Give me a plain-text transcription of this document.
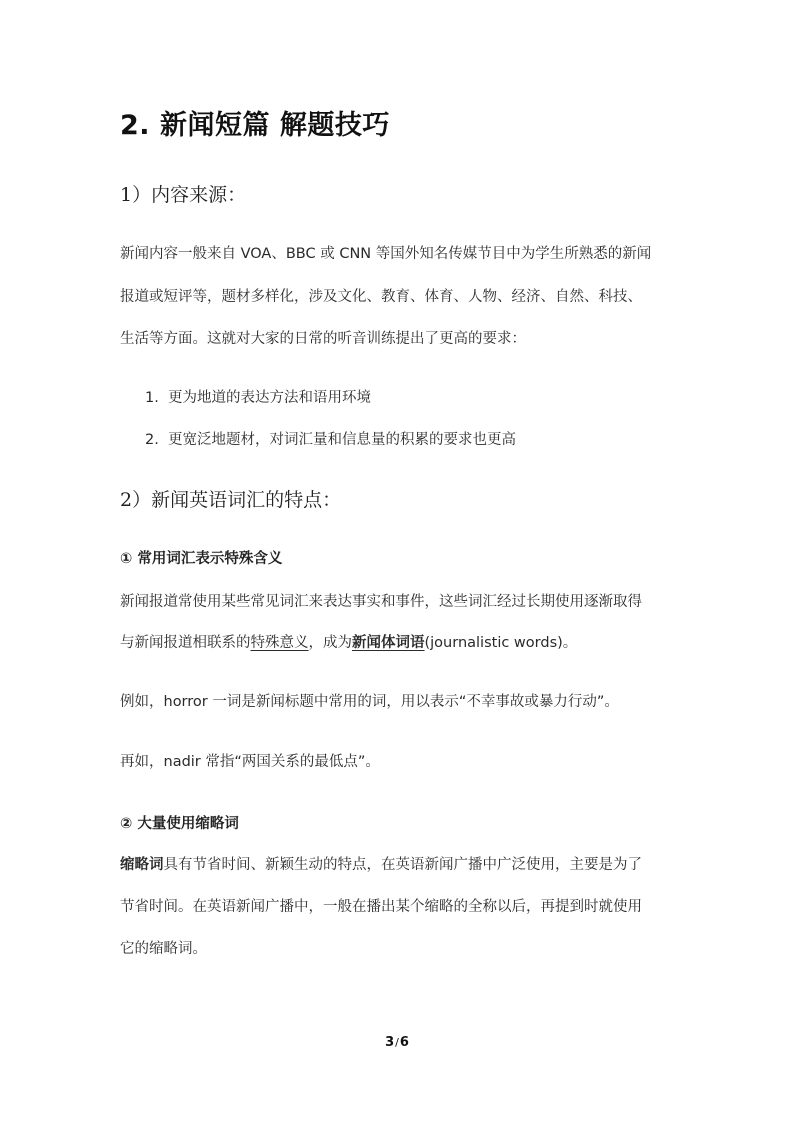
2. 新闻短篇 解题技巧
1）内容来源：
新闻内容一般来自 VOA、BBC 或 CNN 等国外知名传媒节目中为学生所熟悉的新闻
报道或短评等，题材多样化，涉及文化、教育、体育、人物、经济、自然、科技、
生活等方面。这就对大家的日常的听音训练提出了更高的要求：
1. 更为地道的表达方法和语用环境
2. 更宽泛地题材，对词汇量和信息量的积累的要求也更高
2）新闻英语词汇的特点：
① 常用词汇表示特殊含义
新闻报道常使用某些常见词汇来表达事实和事件，这些词汇经过长期使用逐渐取得
与新闻报道相联系的特殊意义，成为新闻体词语(journalistic words)。
例如，horror 一词是新闻标题中常用的词，用以表示“不幸事故或暴力行动”。
再如，nadir 常指“两国关系的最低点”。
② 大量使用缩略词
缩略词具有节省时间、新颖生动的特点，在英语新闻广播中广泛使用，主要是为了
节省时间。在英语新闻广播中，一般在播出某个缩略的全称以后，再提到时就使用
它的缩略词。
3/6
